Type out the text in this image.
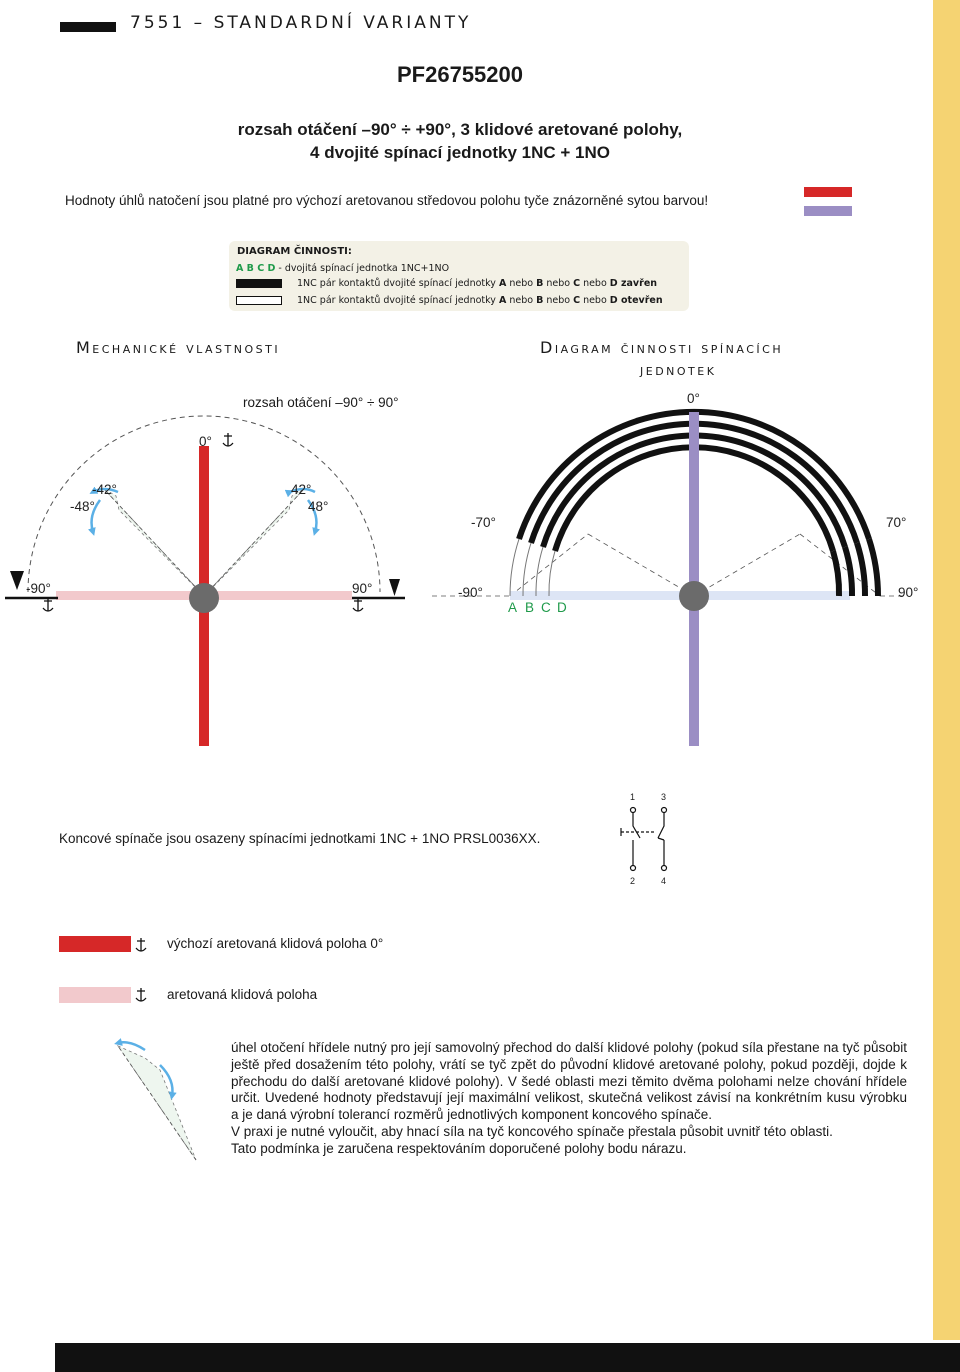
7551 – STANDARDNÍ VARIANTY
PF26755200
rozsah otáčení –90° ÷ +90°, 3 klidové aretované polohy,
4 dvojité spínací jednotky 1NC + 1NO
Hodnoty úhlů natočení jsou platné pro výchozí aretovanou středovou polohu tyče znázorněné sytou barvou!
DIAGRAM ČINNOSTI:
A B C D - dvojitá spínací jednotka 1NC+1NO
1NC pár kontaktů dvojité spínací jednotky A nebo B nebo C nebo D zavřen
1NC pár kontaktů dvojité spínací jednotky A nebo B nebo C nebo D otevřen
Mechanické vlastnosti	Diagram činnosti spínacích
jednotek
rozsah otáčení –90° ÷ 90°
0°
-42°
-48°
42°
48°
-90°	90°
0°
-70°	70°
-90°	90°
A B C D
1	3
2	4
Koncové spínače jsou osazeny spínacími jednotkami 1NC + 1NO PRSL0036XX.
výchozí aretovaná klidová poloha 0°
aretovaná klidová poloha

úhel otočení hřídele nutný pro její samovolný přechod do další klidové polohy (pokud síla přestane na tyč působit ještě před dosažením této polohy, vrátí se tyč zpět do původní klidové aretované polohy, pokud později, dojde k přechodu do další aretované klidové polohy). V šedé oblasti mezi těmito dvěma polohami nelze chování hřídele určit. Uvedené hodnoty představují její maximální velikost, skutečná velikost závisí na konkrétním kusu výrobku a je daná výrobní tolerancí rozměrů jednotlivých komponent koncového spínače.

V praxi je nutné vyloučit, aby hnací síla na tyč koncového spínače přestala působit uvnitř této oblasti.

Tato podmínka je zaručena respektováním doporučené polohy bodu nárazu.
